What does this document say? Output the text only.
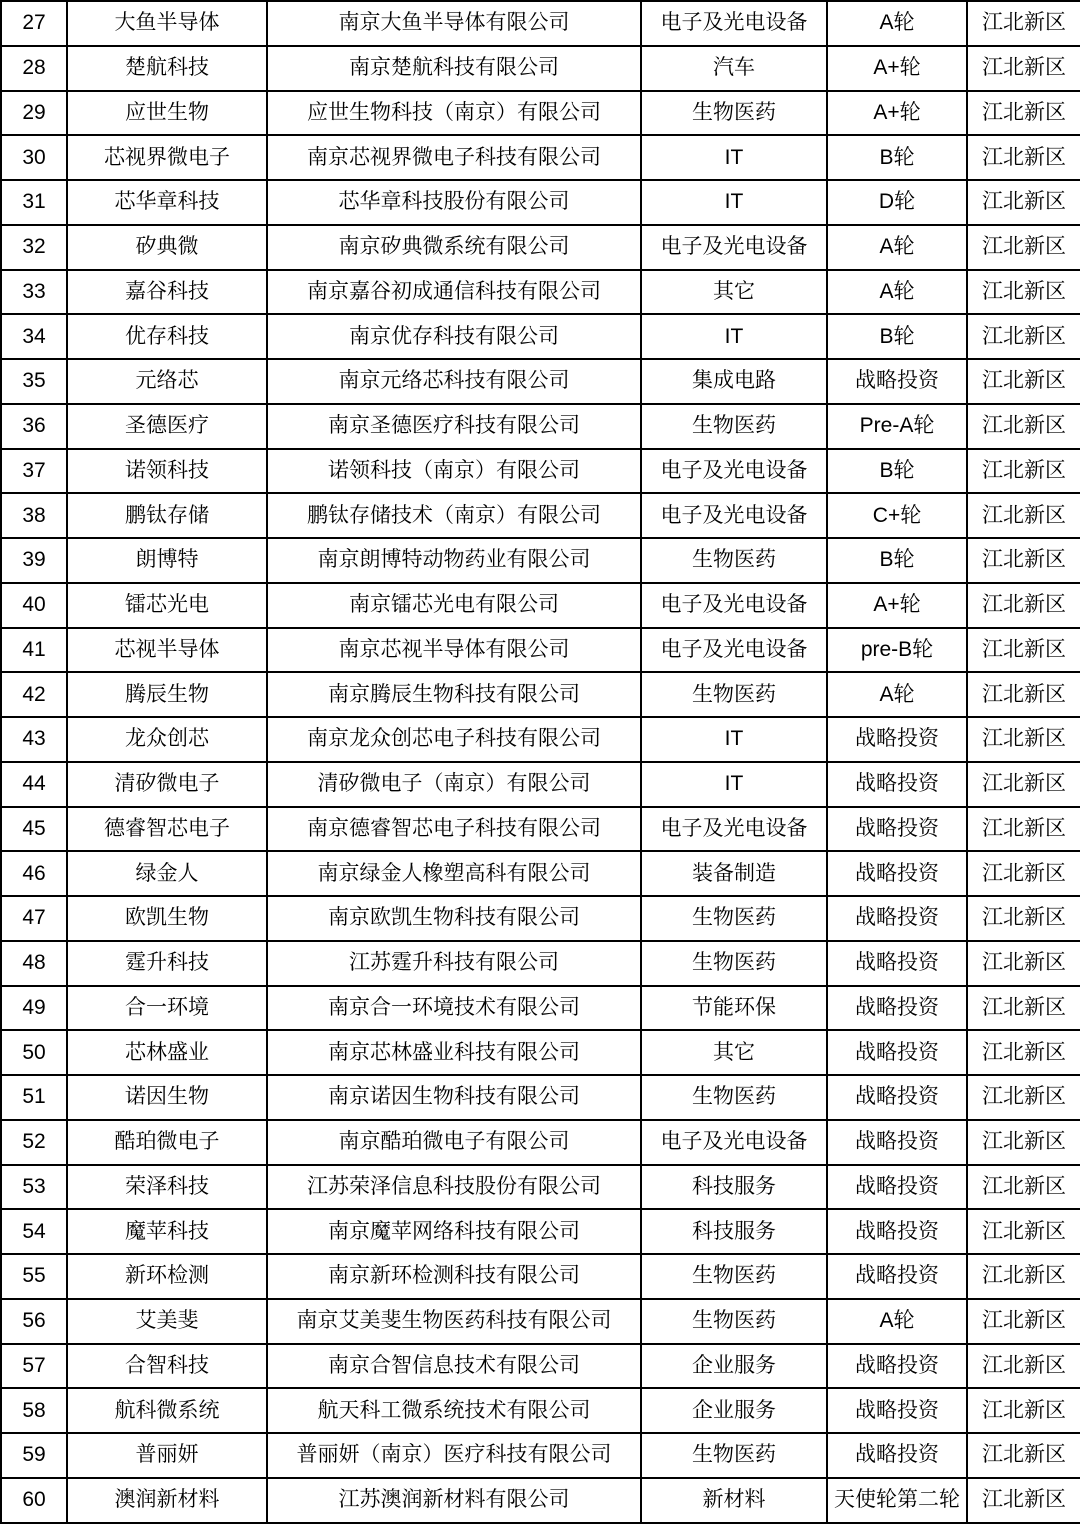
27	大鱼半导体	南京大鱼半导体有限公司	电子及光电设备	A轮	江北新区
28	楚航科技	南京楚航科技有限公司	汽车	A+轮	江北新区
29	应世生物	应世生物科技（南京）有限公司	生物医药	A+轮	江北新区
30	芯视界微电子	南京芯视界微电子科技有限公司	IT	B轮	江北新区
31	芯华章科技	芯华章科技股份有限公司	IT	D轮	江北新区
32	矽典微	南京矽典微系统有限公司	电子及光电设备	A轮	江北新区
33	嘉谷科技	南京嘉谷初成通信科技有限公司	其它	A轮	江北新区
34	优存科技	南京优存科技有限公司	IT	B轮	江北新区
35	元络芯	南京元络芯科技有限公司	集成电路	战略投资	江北新区
36	圣德医疗	南京圣德医疗科技有限公司	生物医药	Pre-A轮	江北新区
37	诺领科技	诺领科技（南京）有限公司	电子及光电设备	B轮	江北新区
38	鹏钛存储	鹏钛存储技术（南京）有限公司	电子及光电设备	C+轮	江北新区
39	朗博特	南京朗博特动物药业有限公司	生物医药	B轮	江北新区
40	镭芯光电	南京镭芯光电有限公司	电子及光电设备	A+轮	江北新区
41	芯视半导体	南京芯视半导体有限公司	电子及光电设备	pre-B轮	江北新区
42	腾辰生物	南京腾辰生物科技有限公司	生物医药	A轮	江北新区
43	龙众创芯	南京龙众创芯电子科技有限公司	IT	战略投资	江北新区
44	清矽微电子	清矽微电子（南京）有限公司	IT	战略投资	江北新区
45	德睿智芯电子	南京德睿智芯电子科技有限公司	电子及光电设备	战略投资	江北新区
46	绿金人	南京绿金人橡塑高科有限公司	装备制造	战略投资	江北新区
47	欧凯生物	南京欧凯生物科技有限公司	生物医药	战略投资	江北新区
48	霆升科技	江苏霆升科技有限公司	生物医药	战略投资	江北新区
49	合一环境	南京合一环境技术有限公司	节能环保	战略投资	江北新区
50	芯林盛业	南京芯林盛业科技有限公司	其它	战略投资	江北新区
51	诺因生物	南京诺因生物科技有限公司	生物医药	战略投资	江北新区
52	酷珀微电子	南京酷珀微电子有限公司	电子及光电设备	战略投资	江北新区
53	荣泽科技	江苏荣泽信息科技股份有限公司	科技服务	战略投资	江北新区
54	魔苹科技	南京魔苹网络科技有限公司	科技服务	战略投资	江北新区
55	新环检测	南京新环检测科技有限公司	生物医药	战略投资	江北新区
56	艾美斐	南京艾美斐生物医药科技有限公司	生物医药	A轮	江北新区
57	合智科技	南京合智信息技术有限公司	企业服务	战略投资	江北新区
58	航科微系统	航天科工微系统技术有限公司	企业服务	战略投资	江北新区
59	普丽妍	普丽妍（南京）医疗科技有限公司	生物医药	战略投资	江北新区
60	澳润新材料	江苏澳润新材料有限公司	新材料	天使轮第二轮	江北新区
